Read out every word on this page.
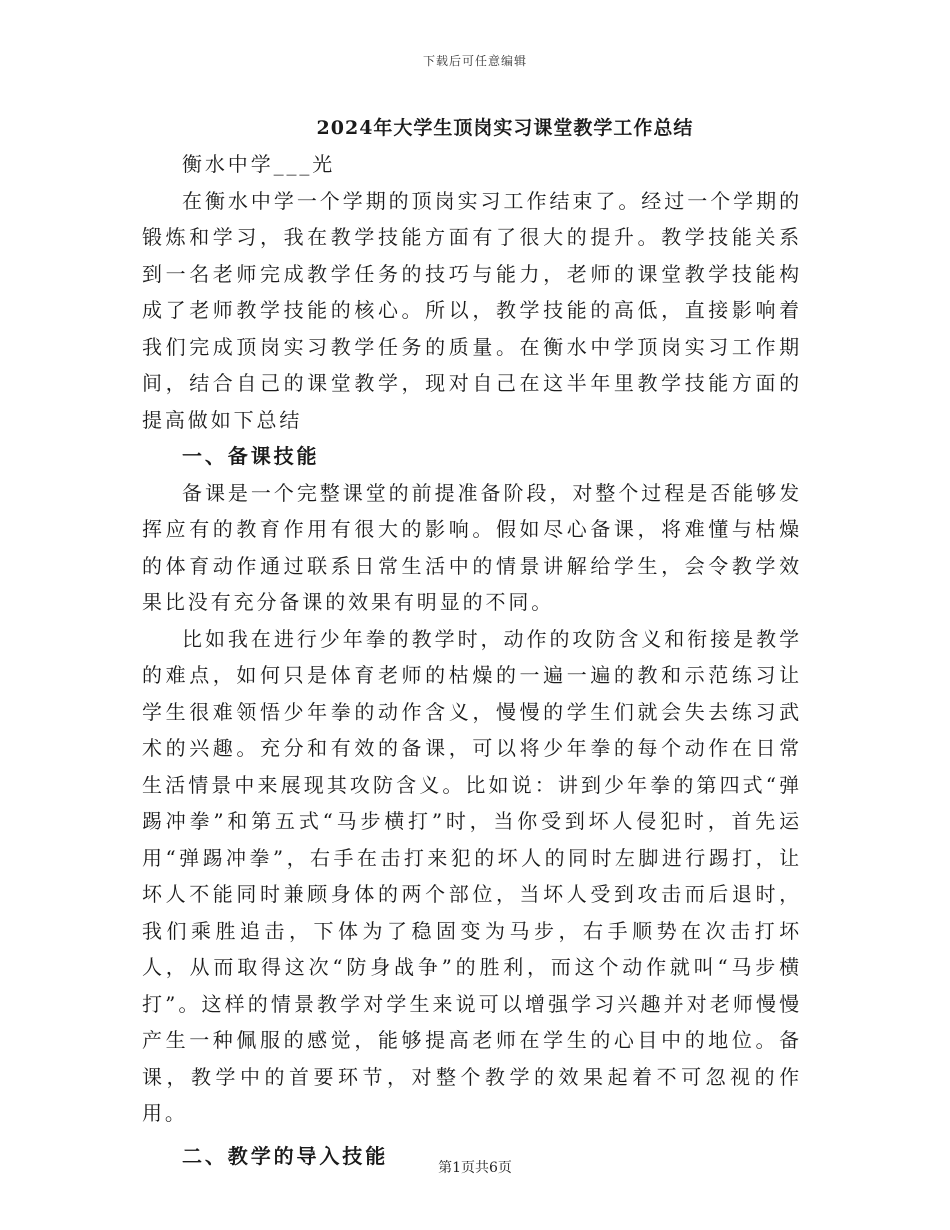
下载后可任意编辑
2024年大学生顶岗实习课堂教学工作总结

衡水中学___光

在衡水中学一个学期的顶岗实习工作结束了。经过一个学期的锻炼和学习，我在教学技能方面有了很大的提升。教学技能关系到一名老师完成教学任务的技巧与能力，老师的课堂教学技能构成了老师教学技能的核心。所以，教学技能的高低，直接影响着我们完成顶岗实习教学任务的质量。在衡水中学顶岗实习工作期间，结合自己的课堂教学，现对自己在这半年里教学技能方面的提高做如下总结

一、备课技能

备课是一个完整课堂的前提准备阶段，对整个过程是否能够发挥应有的教育作用有很大的影响。假如尽心备课，将难懂与枯燥的体育动作通过联系日常生活中的情景讲解给学生，会令教学效果比没有充分备课的效果有明显的不同。

比如我在进行少年拳的教学时，动作的攻防含义和衔接是教学的难点，如何只是体育老师的枯燥的一遍一遍的教和示范练习让学生很难领悟少年拳的动作含义，慢慢的学生们就会失去练习武术的兴趣。充分和有效的备课，可以将少年拳的每个动作在日常生活情景中来展现其攻防含义。比如说：讲到少年拳的第四式“弹踢冲拳”和第五式“马步横打”时，当你受到坏人侵犯时，首先运用“弹踢冲拳”，右手在击打来犯的坏人的同时左脚进行踢打，让坏人不能同时兼顾身体的两个部位，当坏人受到攻击而后退时，我们乘胜追击，下体为了稳固变为马步，右手顺势在次击打坏人，从而取得这次“防身战争”的胜利，而这个动作就叫“马步横打”。这样的情景教学对学生来说可以增强学习兴趣并对老师慢慢产生一种佩服的感觉，能够提高老师在学生的心目中的地位。备课，教学中的首要环节，对整个教学的效果起着不可忽视的作用。

二、教学的导入技能
第1页共6页
